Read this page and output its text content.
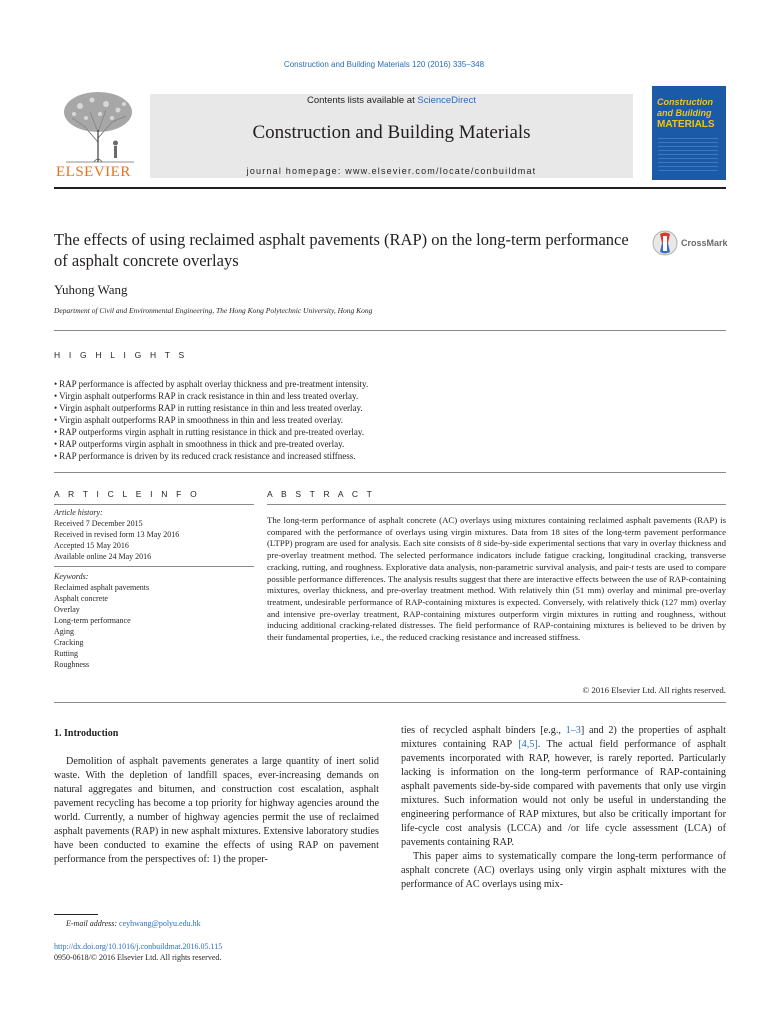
Construction and Building Materials 120 (2016) 335–348
ELSEVIER
Contents lists available at ScienceDirect
Construction and Building Materials
journal homepage: www.elsevier.com/locate/conbuildmat
Construction
and Building
MATERIALS
The effects of using reclaimed asphalt pavements (RAP) on the long-term performance of asphalt concrete overlays
CrossMark
Yuhong Wang
Department of Civil and Environmental Engineering, The Hong Kong Polytechnic University, Hong Kong
H I G H L I G H T S
• RAP performance is affected by asphalt overlay thickness and pre-treatment intensity.
• Virgin asphalt outperforms RAP in crack resistance in thin and less treated overlay.
• Virgin asphalt outperforms RAP in rutting resistance in thin and less treated overlay.
• Virgin asphalt outperforms RAP in smoothness in thin and less treated overlay.
• RAP outperforms virgin asphalt in rutting resistance in thick and pre-treated overlay.
• RAP outperforms virgin asphalt in smoothness in thick and pre-treated overlay.
• RAP performance is driven by its reduced crack resistance and increased stiffness.
A R T I C L E I N F O	A B S T R A C T
Article history:
Received 7 December 2015
Received in revised form 13 May 2016
Accepted 15 May 2016
Available online 24 May 2016
Keywords:
Reclaimed asphalt pavements
Asphalt concrete
Overlay
Long-term performance
Aging
Cracking
Rutting
Roughness
The long-term performance of asphalt concrete (AC) overlays using mixtures containing reclaimed asphalt pavements (RAP) is compared with the performance of overlays using virgin mixtures. Data from 18 sites of the long-term pavement performance (LTPP) program are used for analysis. Each site consists of 8 side-by-side experimental sections that vary in overlay thickness and pre-overlay treatment method. The selected performance indicators include fatigue cracking, longitudinal cracking, transverse cracking, rutting, and roughness. Explorative data analysis, non-parametric survival analysis, and pair-t tests are used to compare possible performance differences. The analysis results suggest that there are interactive effects between the use of RAP-containing mixtures, overlay thickness, and pre-overlay treatment method. With relatively thin (51 mm) overlay and minimal pre-overlay treatment, undesirable performance of RAP-containing mixtures is expected. Conversely, with relatively thick (127 mm) overlay and intensive pre-overlay treatment, RAP-containing mixtures outperform virgin mixtures in rutting and roughness, without inducing additional cracking-related distresses. The field performance of RAP-containing mixtures is believed to be driven by their fundamental properties, i.e., the reduced cracking resistance and increased stiffness.
© 2016 Elsevier Ltd. All rights reserved.

1. Introduction

Demolition of asphalt pavements generates a large quantity of inert solid waste. With the depletion of landfill spaces, ever-increasing demands on natural aggregates and bitumen, and construction cost escalation, asphalt pavement recycling has become a top priority for highway agencies around the world. Currently, a number of highway agencies permit the use of reclaimed asphalt pavements (RAP) in new asphalt mixtures. Extensive laboratory studies have been conducted to examine the effects of using RAP on pavement performance from the perspectives of: 1) the proper-

ties of recycled asphalt binders [e.g., 1–3] and 2) the properties of asphalt mixtures containing RAP [4,5]. The actual field performance of asphalt pavements incorporated with RAP, however, is rarely reported. Particularly lacking is information on the long-term performance of RAP-containing asphalt pavements side-by-side compared with pavements that only use virgin mixtures. Such information would not only be useful in understanding the engineering performance of RAP mixtures, but also be critically important for life-cycle cost analysis (LCCA) and /or life cycle assessment (LCA) of pavements containing RAP.

This paper aims to systematically compare the long-term performance of asphalt concrete (AC) overlays using only virgin asphalt mixtures with the performance of AC overlays using mix-

E-mail address: ceyhwang@polyu.edu.hk
http://dx.doi.org/10.1016/j.conbuildmat.2016.05.115
0950-0618/© 2016 Elsevier Ltd. All rights reserved.
